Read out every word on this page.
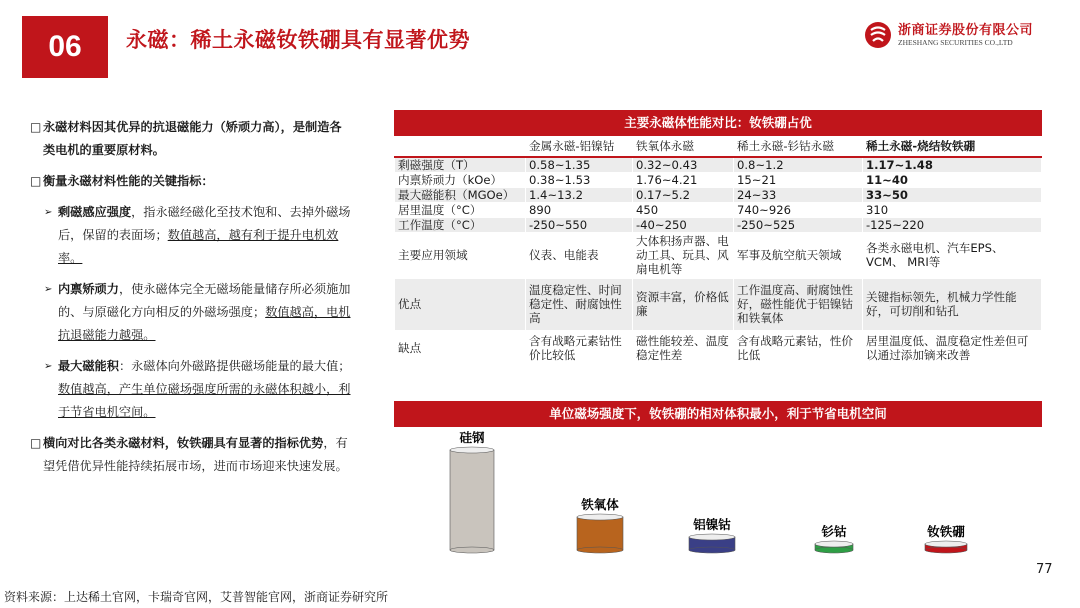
06	永磁：稀土永磁钕铁硼具有显著优势	浙商证券股份有限公司
ZHESHANG SECURITIES CO.,LTD
□ 永磁材料因其优异的抗退磁能力（矫顽力高），是制造各类电机的重要原材料。
□ 衡量永磁材料性能的关键指标：
➢ 剩磁感应强度，指永磁经磁化至技术饱和、去掉外磁场后，保留的表面场；数值越高，越有利于提升电机效率。
➢ 内禀矫顽力，使永磁体完全无磁场能量储存所必须施加的、与原磁化方向相反的外磁场强度；数值越高，电机抗退磁能力越强。
➢ 最大磁能积：永磁体向外磁路提供磁场能量的最大值；数值越高，产生单位磁场强度所需的永磁体积越小，利于节省电机空间。
□ 横向对比各类永磁材料，钕铁硼具有显著的指标优势，有望凭借优异性能持续拓展市场，进而市场迎来快速发展。
主要永磁体性能对比：钕铁硼占优
	金属永磁-铝镍钴	铁氧体永磁	稀土永磁-钐钴永磁	稀土永磁-烧结钕铁硼
剩磁强度（T）	0.58~1.35	0.32~0.43	0.8~1.2	1.17~1.48
内禀矫顽力（kOe）	0.38~1.53	1.76~4.21	15~21	11~40
最大磁能积（MGOe）	1.4~13.2	0.17~5.2	24~33	33~50
居里温度（°C）	890	450	740~926	310
工作温度（°C）	-250~550	-40~250	-250~525	-125~220
主要应用领域	仪表、电能表	大体积扬声器、电动工具、玩具、风扇电机等	军事及航空航天领域	各类永磁电机、汽车EPS、VCM、 MRI等
优点	温度稳定性、时间稳定性、耐腐蚀性高	资源丰富，价格低廉	工作温度高、耐腐蚀性好，磁性能优于铝镍钴和铁氧体	关键指标领先，机械力学性能好，可切削和钻孔
缺点	含有战略元素钴性价比较低	磁性能较差、温度稳定性差	含有战略元素钴，性价比低	居里温度低、温度稳定性差但可以通过添加镝来改善
单位磁场强度下，钕铁硼的相对体积最小，利于节省电机空间
硅钢
铁氧体
铝镍钴	钐钴	钕铁硼
77
资料来源：上达稀土官网，卡瑞奇官网，艾普智能官网，浙商证券研究所
